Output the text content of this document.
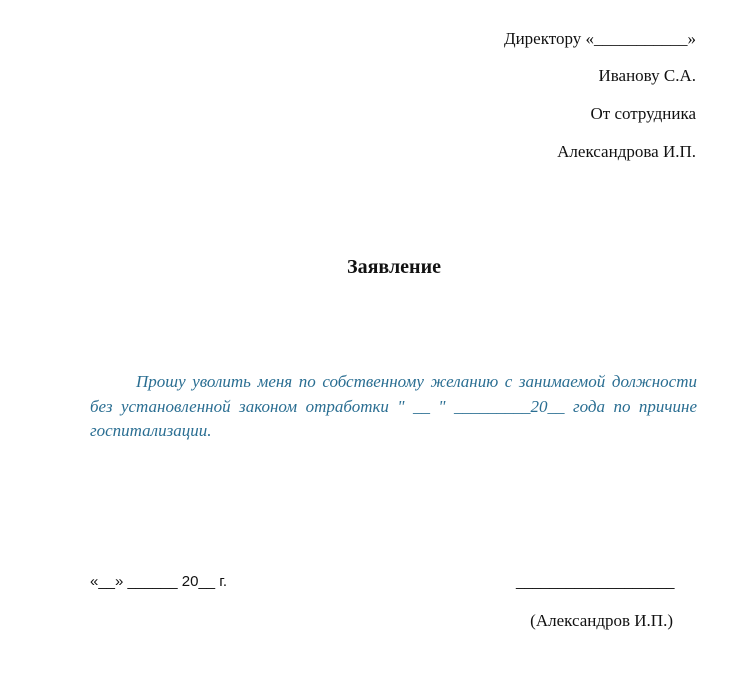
Директору «___________»
Иванову С.А.
От сотрудника
Александрова И.П.
Заявление
Прошу уволить меня по собственному желанию с занимаемой должности без установленной законом отработки " __ " _________20__ года по причине госпитализации.
«__» ______ 20__ г.	___________________
(Александров И.П.)
